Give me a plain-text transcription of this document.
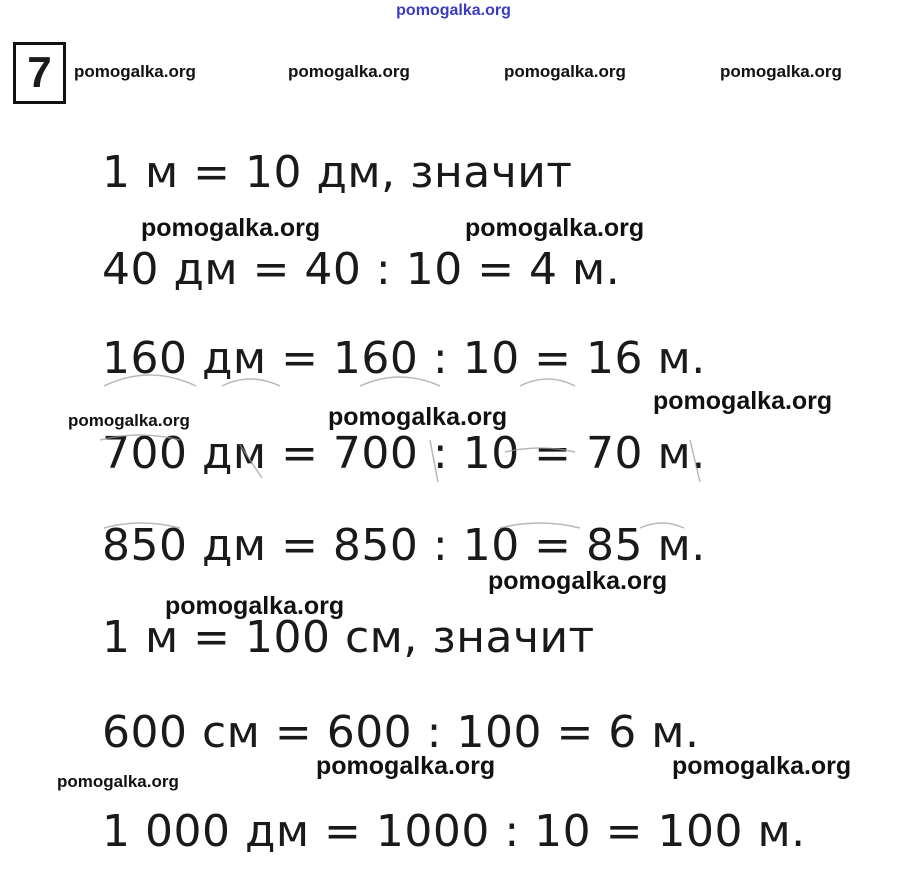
pomogalka.org
7	pomogalka.org	pomogalka.org	pomogalka.org	pomogalka.org
pomogalka.org	pomogalka.org
pomogalka.org	pomogalka.org
pomogalka.org
pomogalka.org
pomogalka.org
pomogalka.org	pomogalka.org
pomogalka.org
1 м = 10 дм, значит
40 дм = 40 : 10 = 4 м.
160 дм = 160 : 10 = 16 м.
700 дм = 700 : 10 = 70 м.
850 дм = 850 : 10 = 85 м.
1 м = 100 см, значит
600 см = 600 : 100 = 6 м.
1 000 дм = 1000 : 10 = 100 м.
